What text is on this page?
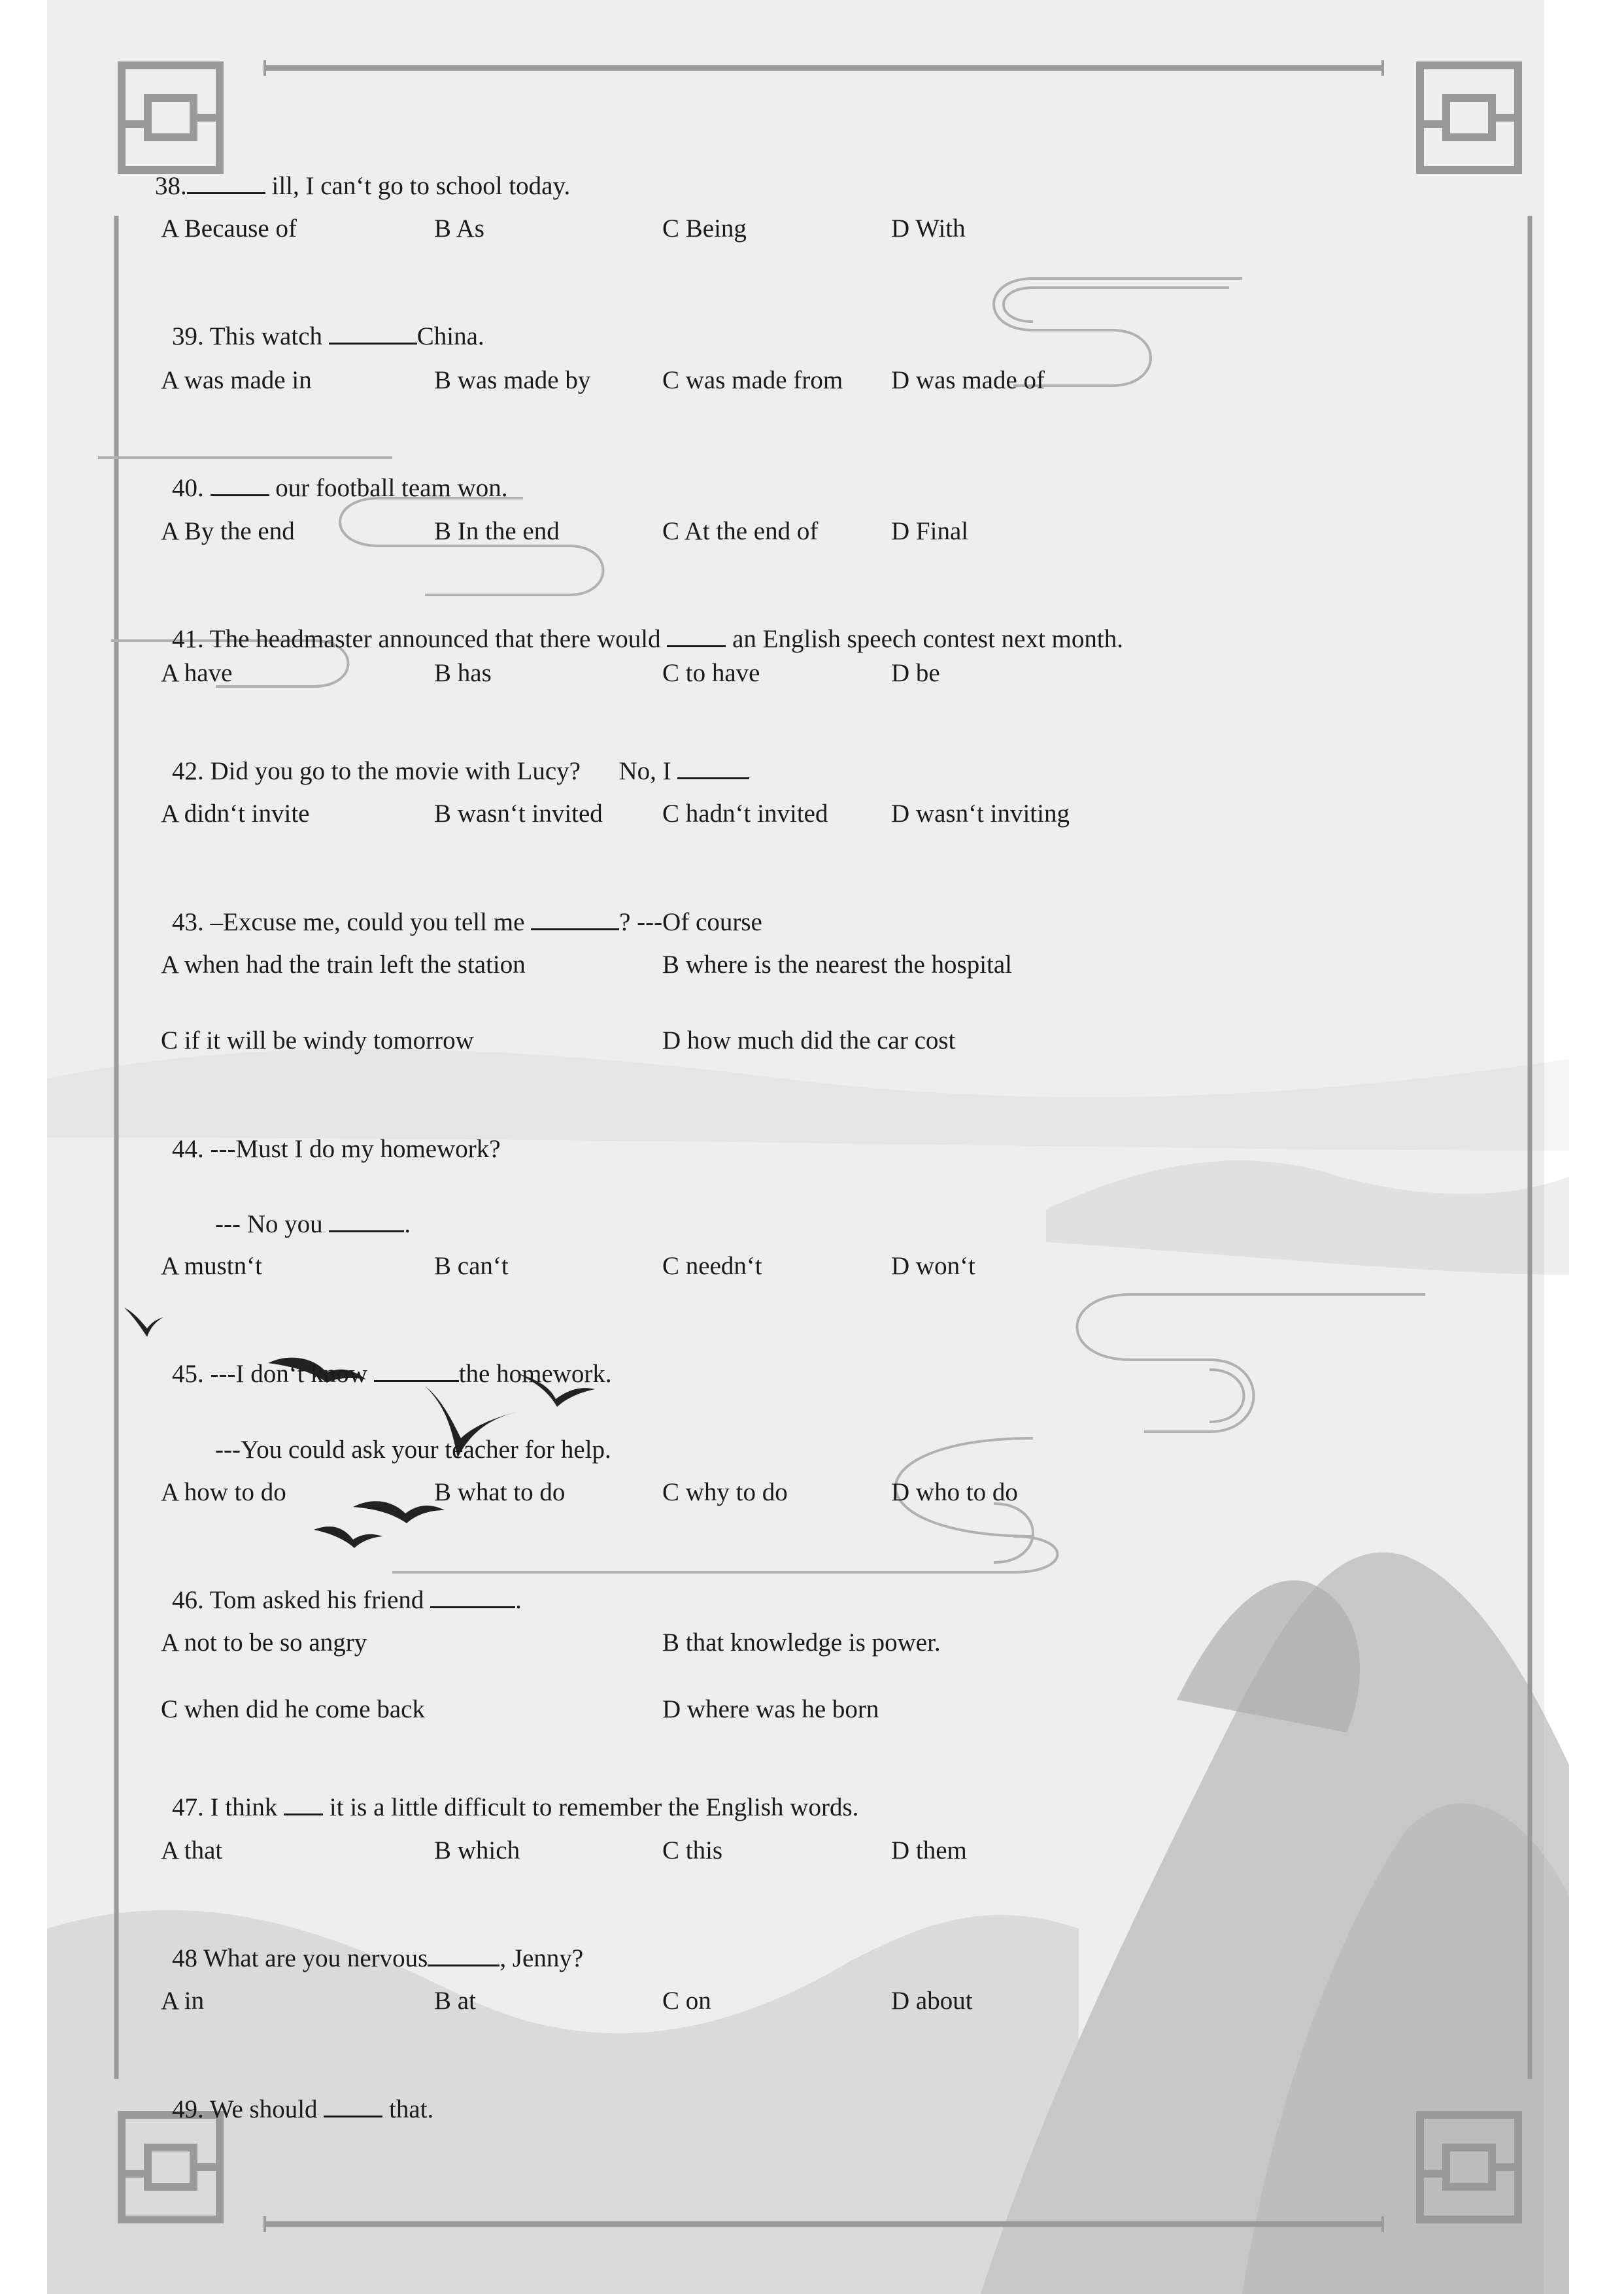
38.	ill, I can‘t go to school today.

A Because of	B As	C Being	D With

39. This watch	China.

A was made in	B was made by	C was made from D was made of

40.	our football team won.

A By the end	B In the end	C At the end of	D Final

41. The headmaster announced that there would  an English speech contest next month.

A have	B has	C to have	D be

42. Did you go to the movie with Lucy?      No, I

A didn‘t invite	B wasn‘t invited C hadn‘t invited D wasn‘t inviting

43. –Excuse me, could you tell me	? ---Of course

A when had the train left the station	B where is the nearest the hospital
C if it will be windy tomorrow	D how much did the car cost

44. ---Must I do my homework?

--- No you	.

A mustn‘t	B can‘t	C needn‘t	D won‘t

45. ---I don‘t know	the homework.

---You could ask your teacher for help.

A how to do	B what to do	C why to do	D who to do

46. Tom asked his friend	.

A not to be so angry	B that knowledge is power.
C when did he come back	D where was he born

47. I think  it is a little difficult to remember the English words.

A that	B which	C this	D them

48 What are you nervous	, Jenny?

A in	B at	C on	D about

49. We should  that.
